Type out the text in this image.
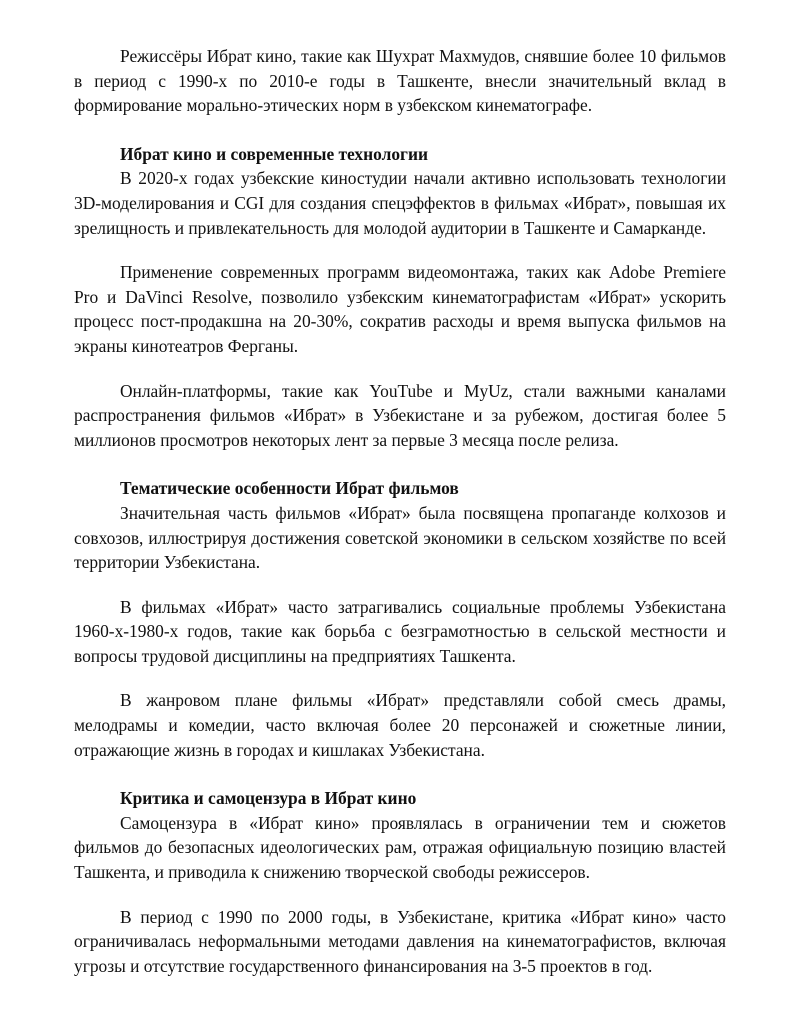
Режиссёры Ибрат кино, такие как Шухрат Махмудов, снявшие более 10 фильмов в период с 1990-х по 2010-е годы в Ташкенте, внесли значительный вклад в формирование морально-этических норм в узбекском кинематографе.

Ибрат кино и современные технологии

В 2020-х годах узбекские киностудии начали активно использовать технологии 3D-моделирования и CGI для создания спецэффектов в фильмах «Ибрат», повышая их зрелищность и привлекательность для молодой аудитории в Ташкенте и Самарканде.

Применение современных программ видеомонтажа, таких как Adobe Premiere Pro и DaVinci Resolve, позволило узбекским кинематографистам «Ибрат» ускорить процесс пост-продакшна на 20-30%, сократив расходы и время выпуска фильмов на экраны кинотеатров Ферганы.

Онлайн-платформы, такие как YouTube и MyUz, стали важными каналами распространения фильмов «Ибрат» в Узбекистане и за рубежом, достигая более 5 миллионов просмотров некоторых лент за первые 3 месяца после релиза.

Тематические особенности Ибрат фильмов

Значительная часть фильмов «Ибрат» была посвящена пропаганде колхозов и совхозов, иллюстрируя достижения советской экономики в сельском хозяйстве по всей территории Узбекистана.

В фильмах «Ибрат» часто затрагивались социальные проблемы Узбекистана 1960-х-1980-х годов, такие как борьба с безграмотностью в сельской местности и вопросы трудовой дисциплины на предприятиях Ташкента.

В жанровом плане фильмы «Ибрат» представляли собой смесь драмы, мелодрамы и комедии, часто включая более 20 персонажей и сюжетные линии, отражающие жизнь в городах и кишлаках Узбекистана.

Критика и самоцензура в Ибрат кино

Самоцензура в «Ибрат кино» проявлялась в ограничении тем и сюжетов фильмов до безопасных идеологических рам, отражая официальную позицию властей Ташкента, и приводила к снижению творческой свободы режиссеров.

В период с 1990 по 2000 годы, в Узбекистане, критика «Ибрат кино» часто ограничивалась неформальными методами давления на кинематографистов, включая угрозы и отсутствие государственного финансирования на 3-5 проектов в год.
